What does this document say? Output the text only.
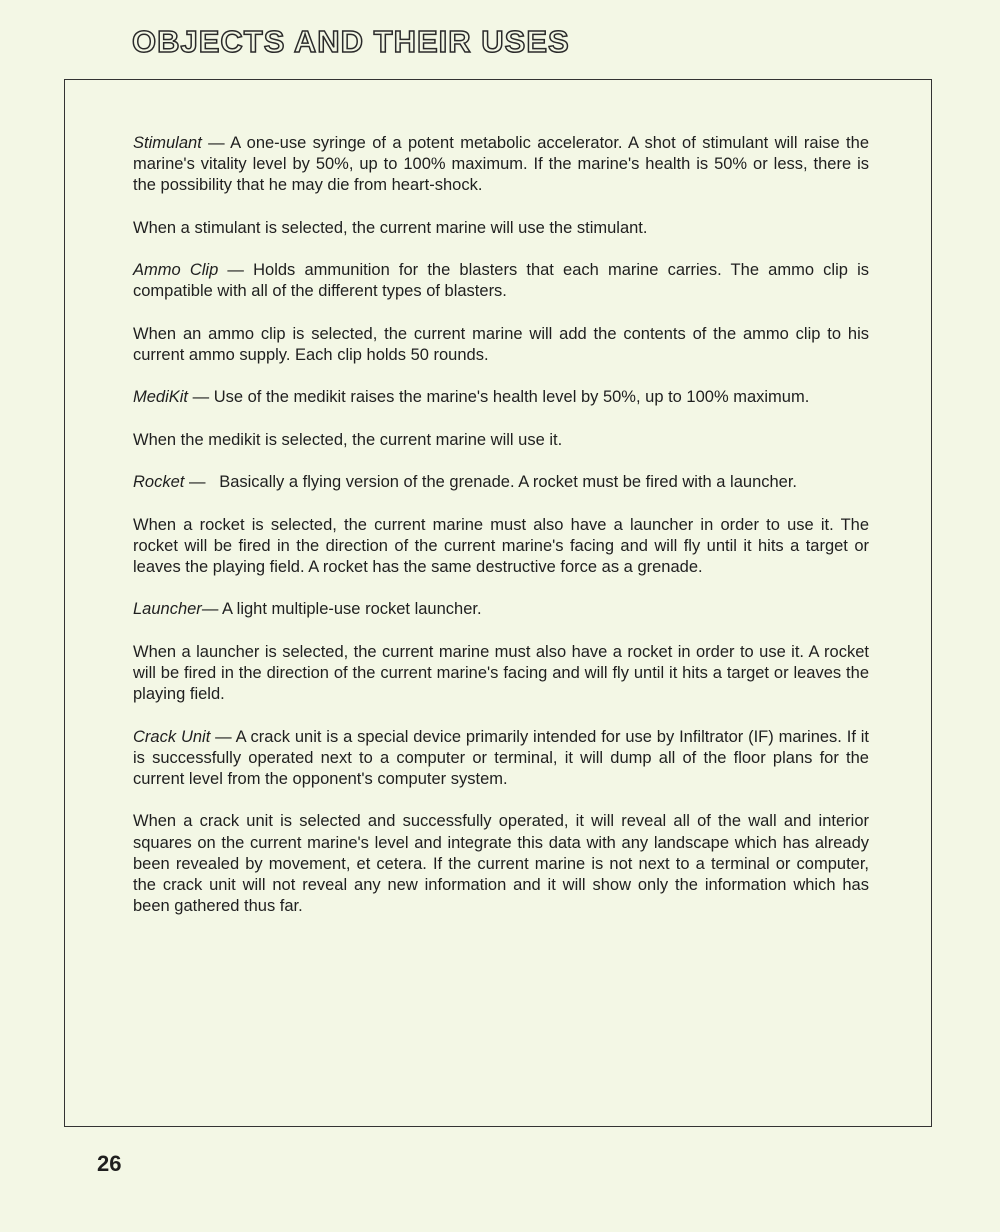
OBJECTS AND THEIR USES

Stimulant — A one-use syringe of a potent metabolic accelerator. A shot of stimulant will raise the marine's vitality level by 50%, up to 100% maximum. If the marine's health is 50% or less, there is the possibility that he may die from heart-shock.

When a stimulant is selected, the current marine will use the stimulant.

Ammo Clip — Holds ammunition for the blasters that each marine carries. The ammo clip is compatible with all of the different types of blasters.

When an ammo clip is selected, the current marine will add the contents of the ammo clip to his current ammo supply. Each clip holds 50 rounds.

MediKit — Use of the medikit raises the marine's health level by 50%, up to 100% maximum.

When the medikit is selected, the current marine will use it.

Rocket —   Basically a flying version of the grenade. A rocket must be fired with a launcher.

When a rocket is selected, the current marine must also have a launcher in order to use it. The rocket will be fired in the direction of the current marine's facing and will fly until it hits a target or leaves the playing field. A rocket has the same destructive force as a grenade.

Launcher— A light multiple-use rocket launcher.

When a launcher is selected, the current marine must also have a rocket in order to use it. A rocket will be fired in the direction of the current marine's facing and will fly until it hits a target or leaves the playing field.

Crack Unit — A crack unit is a special device primarily intended for use by Infiltrator (IF) marines. If it is successfully operated next to a computer or terminal, it will dump all of the floor plans for the current level from the opponent's computer system.

When a crack unit is selected and successfully operated, it will reveal all of the wall and interior squares on the current marine's level and integrate this data with any landscape which has already been revealed by movement, et cetera. If the current marine is not next to a terminal or computer, the crack unit will not reveal any new information and it will show only the information which has been gathered thus far.

26
